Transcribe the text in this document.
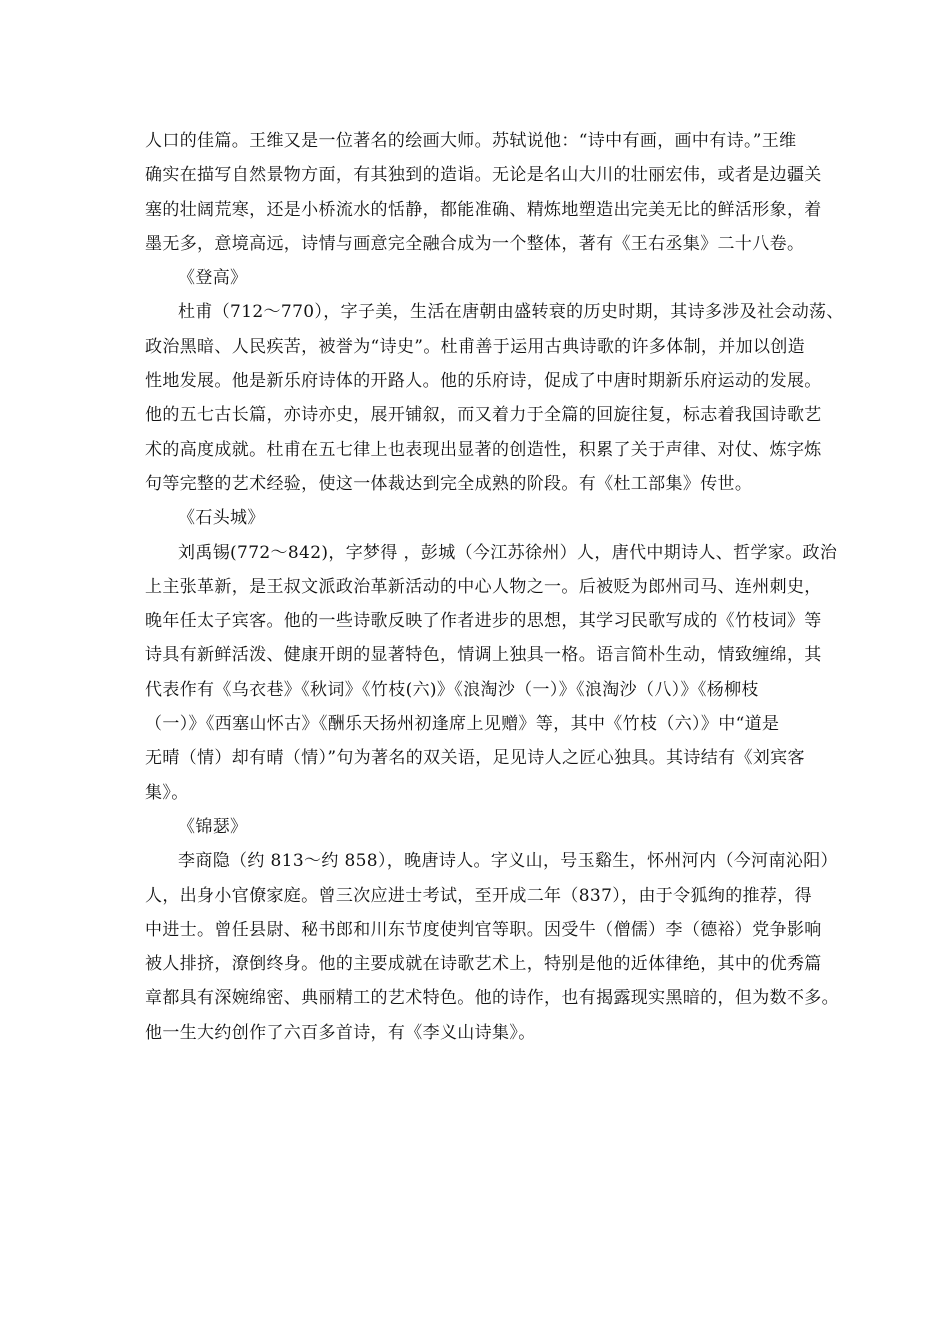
人口的佳篇。王维又是一位著名的绘画大师。苏轼说他：“诗中有画，画中有诗。”王维
确实在描写自然景物方面，有其独到的造诣。无论是名山大川的壮丽宏伟，或者是边疆关
塞的壮阔荒寒，还是小桥流水的恬静，都能准确、精炼地塑造出完美无比的鲜活形象，着
墨无多，意境高远，诗情与画意完全融合成为一个整体，著有《王右丞集》二十八卷。
《登高》
杜甫（712～770），字子美，生活在唐朝由盛转衰的历史时期，其诗多涉及社会动荡、
政治黑暗、人民疾苦，被誉为“诗史”。杜甫善于运用古典诗歌的许多体制，并加以创造
性地发展。他是新乐府诗体的开路人。他的乐府诗，促成了中唐时期新乐府运动的发展。
他的五七古长篇，亦诗亦史，展开铺叙，而又着力于全篇的回旋往复，标志着我国诗歌艺
术的高度成就。杜甫在五七律上也表现出显著的创造性，积累了关于声律、对仗、炼字炼
句等完整的艺术经验，使这一体裁达到完全成熟的阶段。有《杜工部集》传世。
《石头城》
刘禹锡(772～842)，字梦得 ，彭城（今江苏徐州）人，唐代中期诗人、哲学家。政治
上主张革新，是王叔文派政治革新活动的中心人物之一。后被贬为郎州司马、连州刺史，
晚年任太子宾客。他的一些诗歌反映了作者进步的思想，其学习民歌写成的《竹枝词》等
诗具有新鲜活泼、健康开朗的显著特色，情调上独具一格。语言简朴生动，情致缠绵，其
代表作有《乌衣巷》《秋词》《竹枝(六)》《浪淘沙（一）》《浪淘沙（八）》《杨柳枝
（一）》《西塞山怀古》《酬乐天扬州初逢席上见赠》等，其中《竹枝（六）》中“道是
无晴（情）却有晴（情）”句为著名的双关语，足见诗人之匠心独具。其诗结有《刘宾客
集》。
《锦瑟》
李商隐（约 813～约 858），晚唐诗人。字义山，号玉谿生，怀州河内（今河南沁阳）
人，出身小官僚家庭。曾三次应进士考试，至开成二年（837），由于令狐绚的推荐，得
中进士。曾任县尉、秘书郎和川东节度使判官等职。因受牛（僧儒）李（德裕）党争影响
被人排挤，潦倒终身。他的主要成就在诗歌艺术上，特别是他的近体律绝，其中的优秀篇
章都具有深婉绵密、典丽精工的艺术特色。他的诗作，也有揭露现实黑暗的，但为数不多。
他一生大约创作了六百多首诗，有《李义山诗集》。
